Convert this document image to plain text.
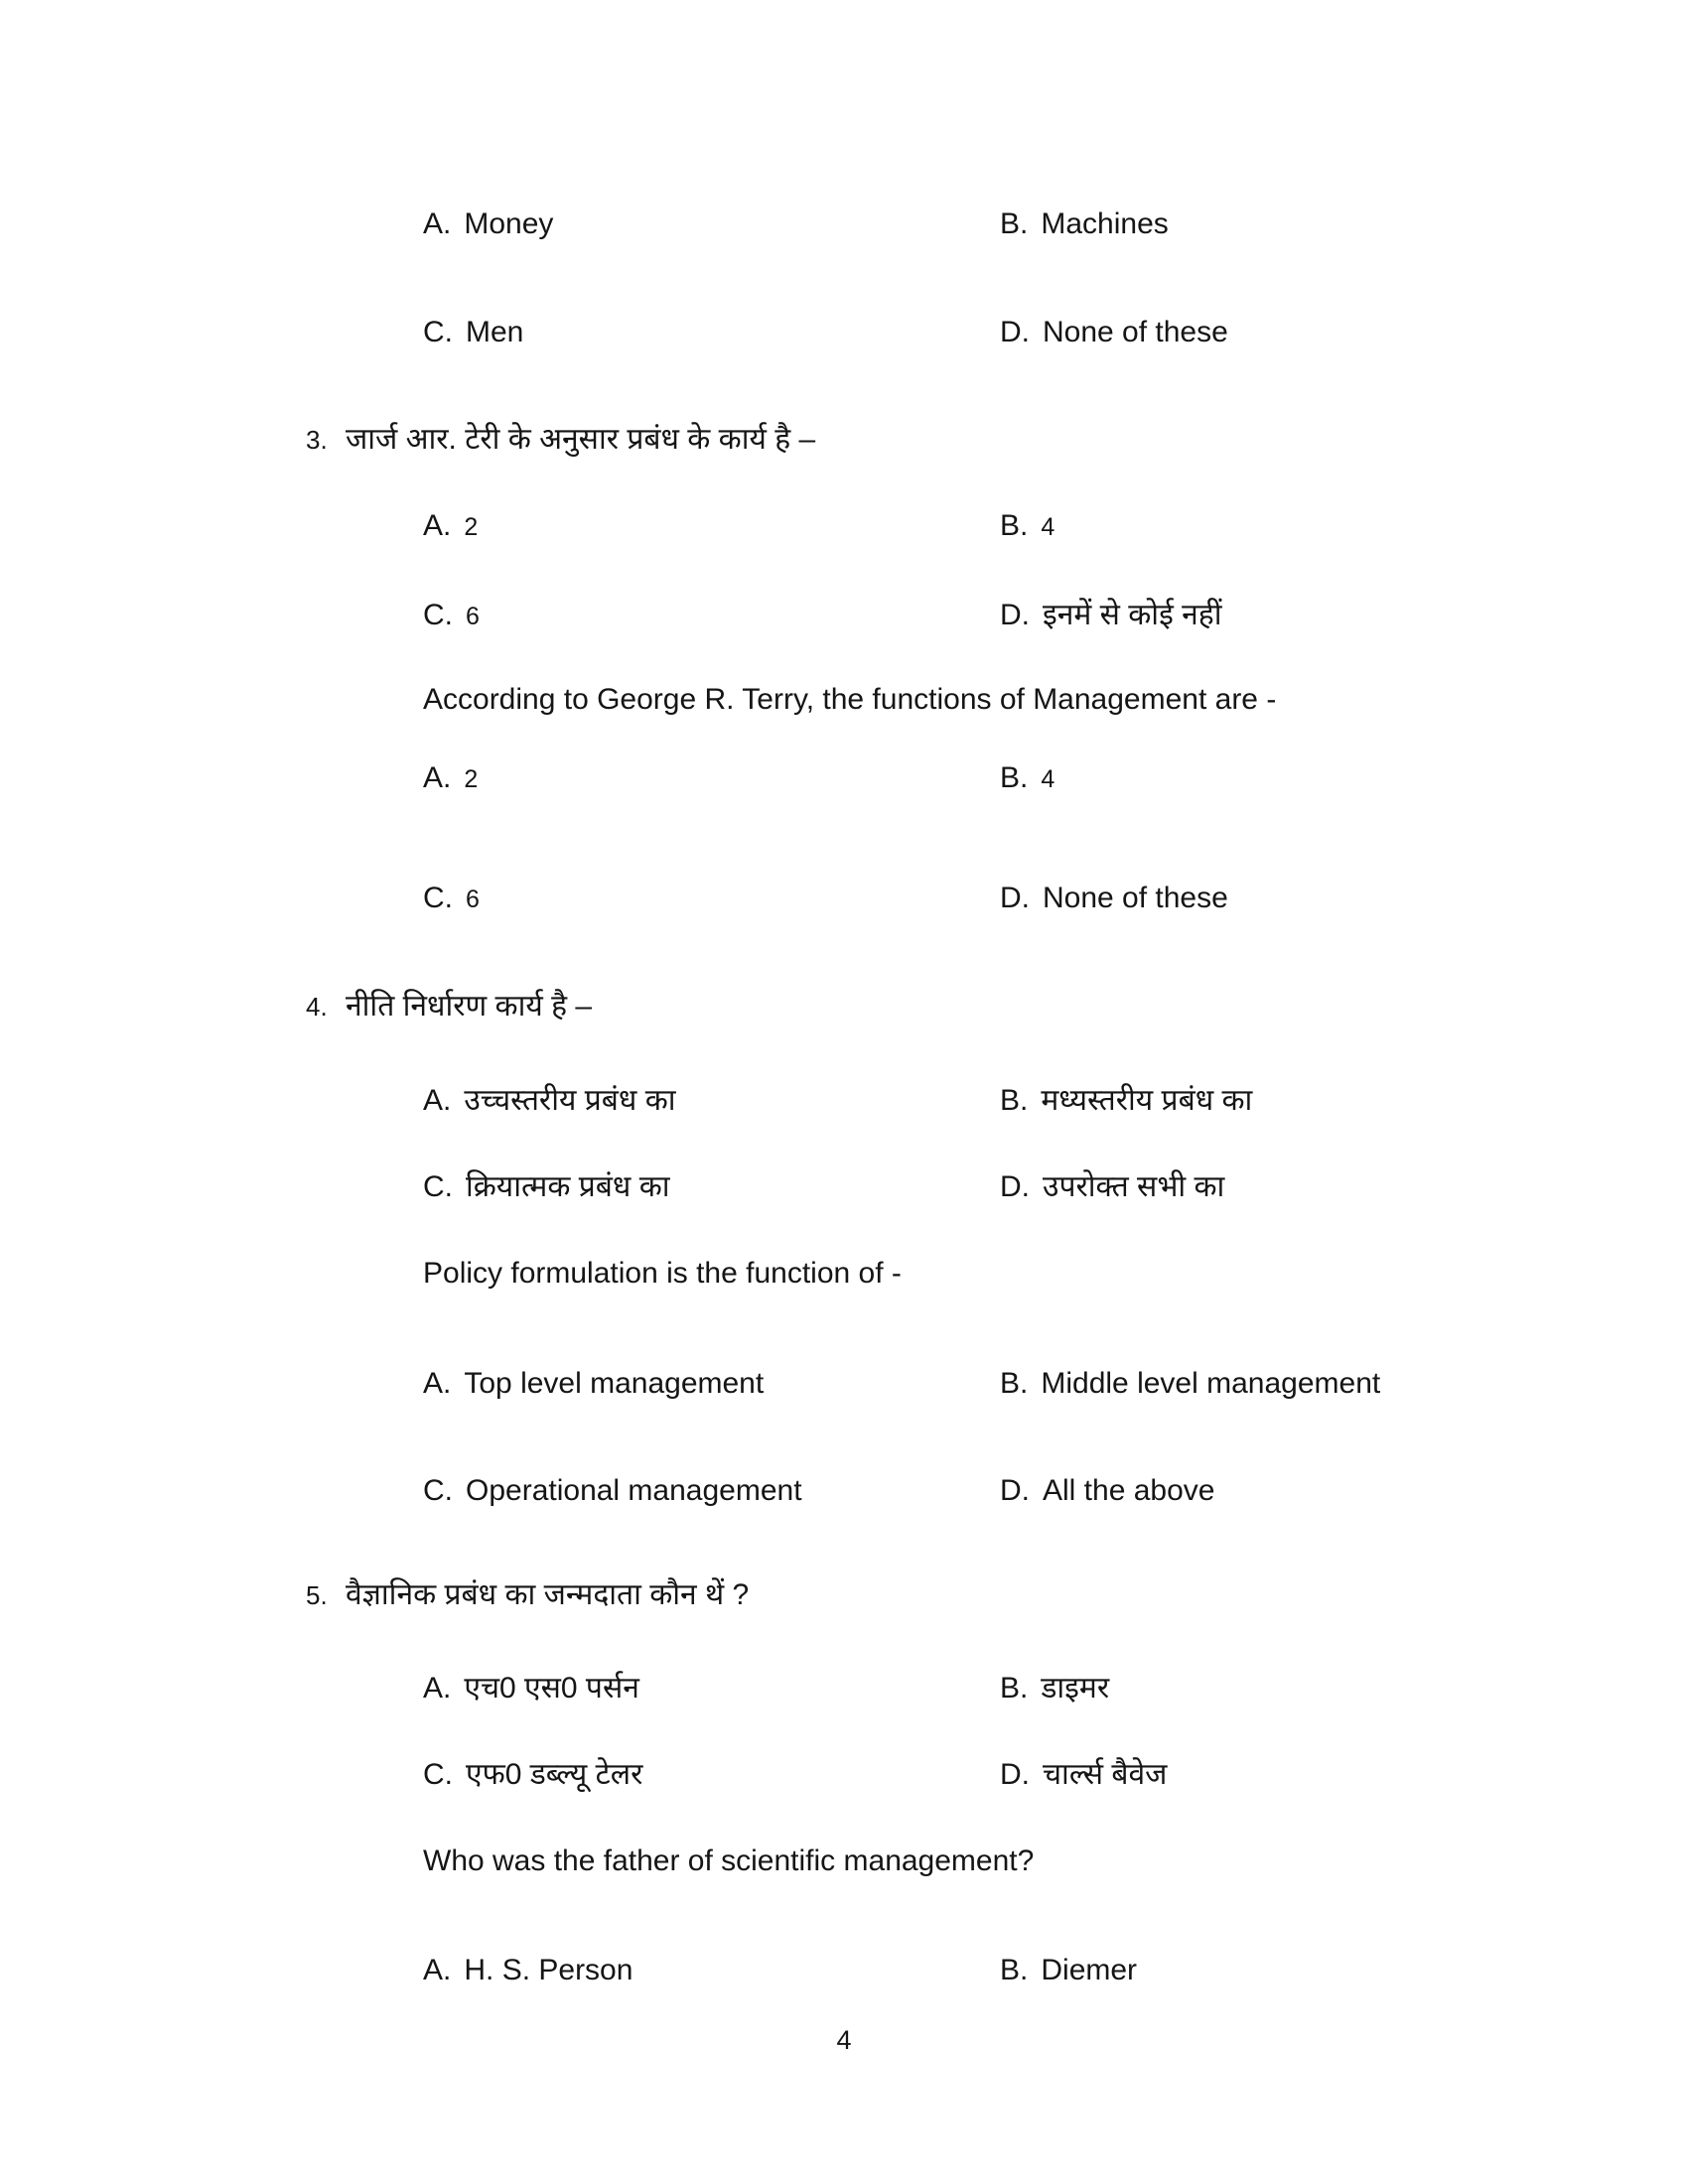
A. Money	B. Machines
C. Men	D. None of these
3. जार्ज आर. टेरी के अनुसार प्रबंध के कार्य है –
A. 2	B. 4
C. 6	D. इनमें से कोई नहीं
According to George R. Terry, the functions of Management are -
A. 2	B. 4
C. 6	D. None of these
4. नीति निर्धारण कार्य है –
A. उच्चस्तरीय प्रबंध का	B. मध्यस्तरीय प्रबंध का
C. क्रियात्मक प्रबंध का	D. उपरोक्त सभी का
Policy formulation is the function of -
A. Top level management	B. Middle level management
C. Operational management	D. All the above
5. वैज्ञानिक प्रबंध का जन्मदाता कौन थें ?
A. एच0 एस0 पर्सन	B. डाइमर
C. एफ0 डब्ल्यू टेलर	D. चार्ल्स बैवेज
Who was the father of scientific management?
A. H. S. Person	B. Diemer
4
